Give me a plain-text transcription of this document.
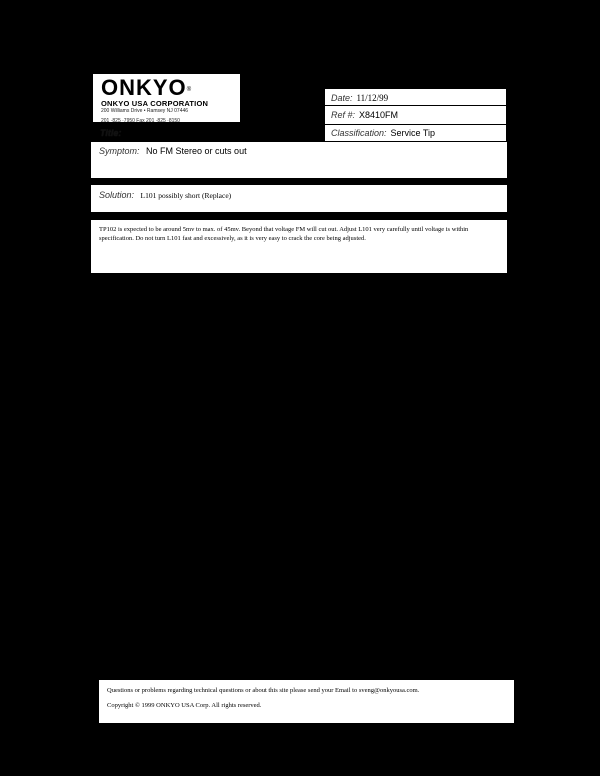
ONKYO®
ONKYO USA CORPORATION
200 Williams Drive • Ramsey NJ 07446
201 ·825 ·7950 Fax 201 ·825 ·8150
Title:
Date: 11/12/99
Ref #: X8410FM
Classification: Service Tip
Symptom: No FM Stereo or cuts out
Solution: L101 possibly short (Replace)
TP102 is expected to be around 5mv to max. of 45mv. Beyond that voltage FM will cut out. Adjust L101 very carefully until voltage is within specification. Do not turn L101 fast and excessively, as it is very easy to crack the core being adjusted.

Questions or problems regarding technical questions or about this site please send your Email to sveng@onkyousa.com.

Copyright © 1999 ONKYO USA Corp. All rights reserved.
